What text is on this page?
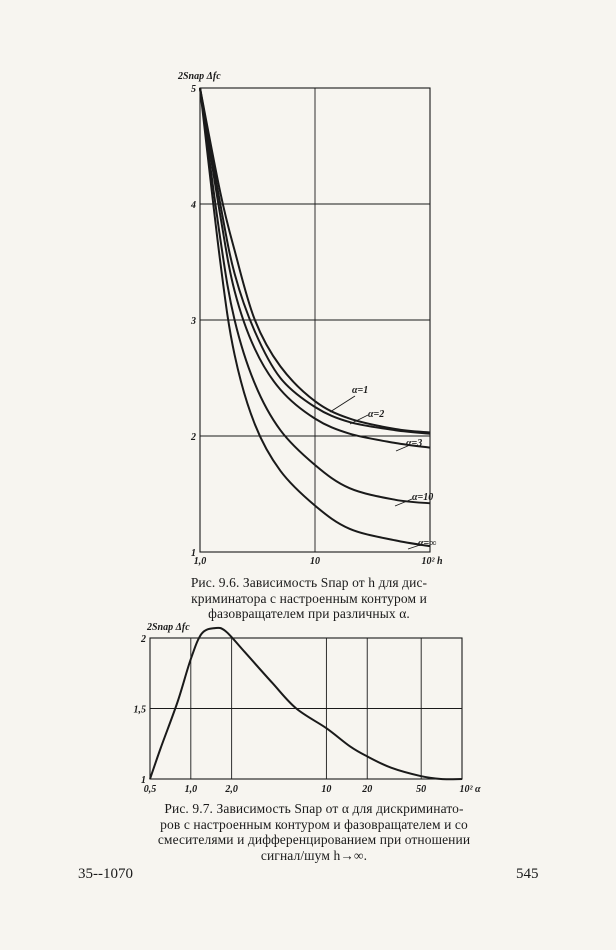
5
4
3
2
1
1,0	10	10² h
2Sпар Δfc
α=1
α=2
α=3
α=10
α=∞
2
1,5
1
0,5	1,0	2,0	10	20	50	10² α
2Sпар Δfc
Рис. 9.6. Зависимость Sпар от h для дис-
криминатора с настроенным контуром и
фазовращателем при различных α.
Рис. 9.7. Зависимость Sпар от α для дискриминато-
ров с настроенным контуром и фазовращателем и со
смесителями и дифференцированием при отношении
сигнал/шум h→∞.
35--1070	545
